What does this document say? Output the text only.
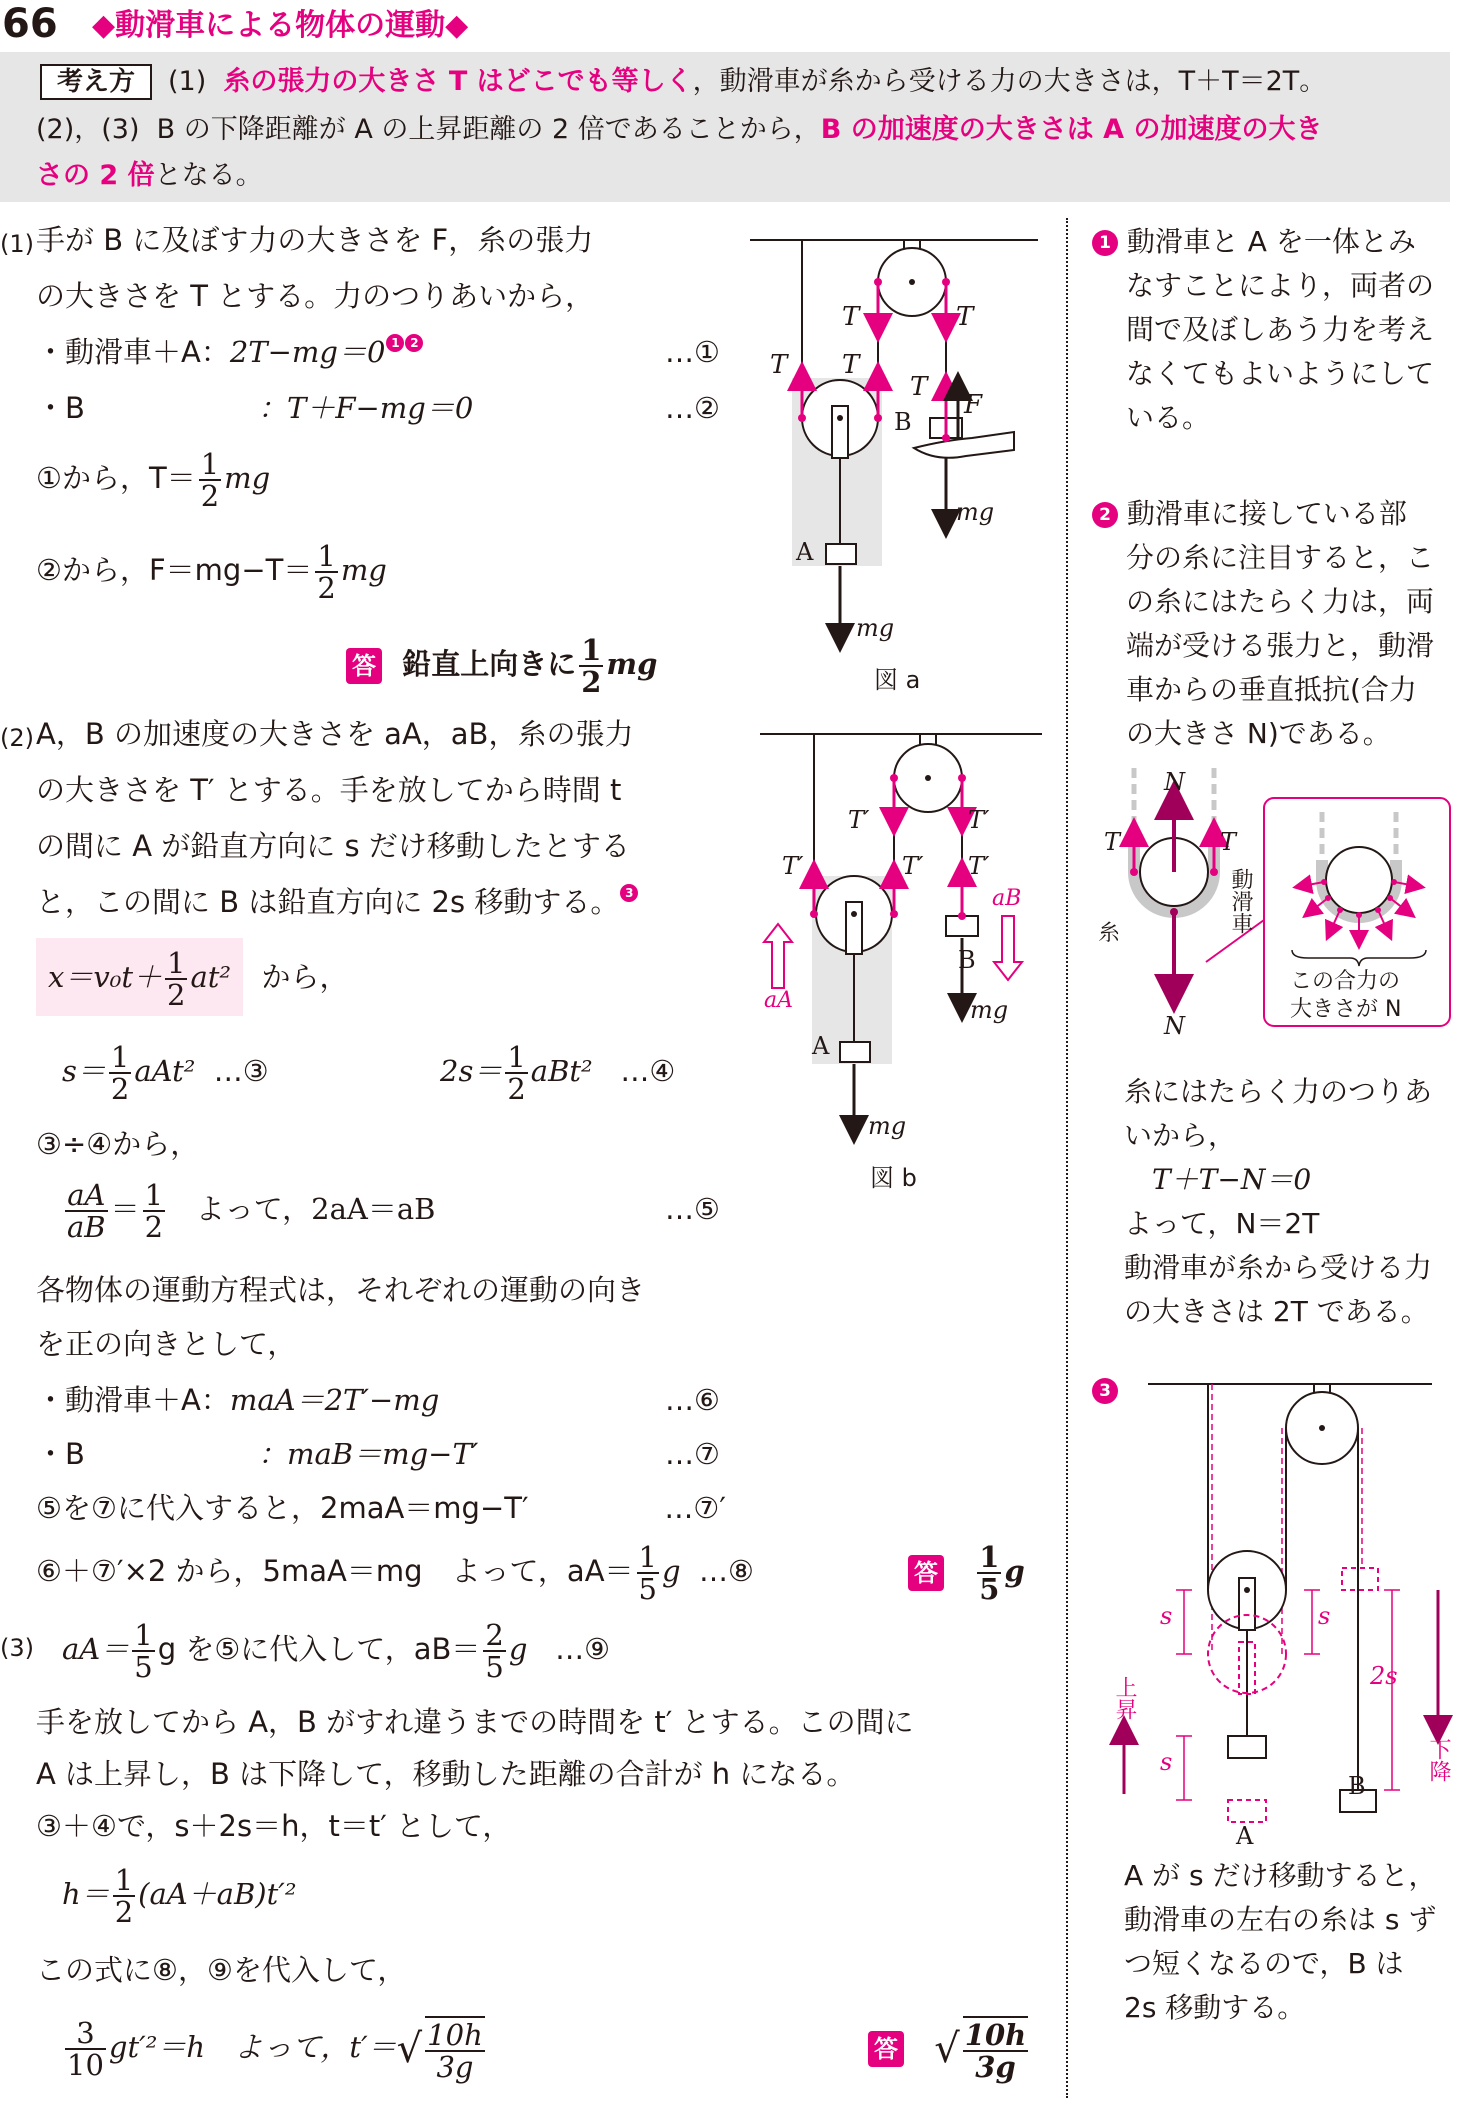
66 ◆動滑車による物体の運動◆
考え方	(1) 糸の張力の大きさ T はどこでも等しく，動滑車が糸から受ける力の大きさは，T＋T＝2T。
(2)，(3) B の下降距離が A の上昇距離の 2 倍であることから，B の加速度の大きさは A の加速度の大き
さの 2 倍となる。
(1) 手が B に及ぼす力の大きさを F，糸の張力
の大きさを T とする。力のつりあいから，
・動滑車＋A：2T−mg＝0 1 2	…①
・B	：T＋F−mg＝0	…②
①から，$T= \frac{1}{2}$ mg
②から，$F=mg-T= \frac{1}{2}$ mg
答 鉛直上向きに $\frac{1}{2}$ mg
T	T
T T
T
F
B
mg
A
mg
図 a
(2) A，B の加速度の大きさを aA，aB，糸の張力
の大きさを T′ とする。手を放してから時間 t
の間に A が鉛直方向に s だけ移動したとする
と，この間に B は鉛直方向に 2s 移動する。 3
$x=v_0t+ \frac{1}{2} at^2$ から，
$s= \frac{1}{2} aAt^2$ …③	$2s= \frac{1}{2} aBt^2$ …④
③÷④から，
$\frac{aA}{aB} = \frac{1}{2}$ よって，2aA＝aB	…⑤
各物体の運動方程式は，それぞれの運動の向き
を正の向きとして，
・動滑車＋A：maA＝2T′−mg	…⑥
・B	：maB＝mg−T′	…⑦
⑤を⑦に代入すると，2maA＝mg−T′	…⑦′
⑥＋⑦′×2 から，5maA＝mg　よって，$aA= \frac{1}{5}$ g …⑧	答 $\frac{1}{5}$ g
T′	T′
T′	T′ T′
aB
aA
B
mg
A
mg
図 b
(3) $aA= \frac{1}{5}$ g を⑤に代入して，$aB= \frac{2}{5}$ g …⑨
手を放してから A，B がすれ違うまでの時間を t′ とする。この間に
A は上昇し，B は下降して，移動した距離の合計が h になる。
③＋④で，s＋2s＝h，t＝t′ として，
$h= \frac{1}{2} (aA+aB)t'^2$
この式に⑧，⑨を代入して，
$\frac{3}{10} gt'^2=h$　よって，$t'=√ \frac{10h}{3g}$	答 √ $\frac{10h}{3g}$
1 動滑車と A を一体とみ
なすことにより，両者の
間で及ぼしあう力を考え
なくてもよいようにして
いる。
2 動滑車に接している部
分の糸に注目すると，こ
の糸にはたらく力は，両
端が受ける張力と，動滑
車からの垂直抵抗(合力
の大きさ N)である。
N
T	T
動滑車
糸
N
この合力の
大きさが N
糸にはたらく力のつりあ
いから，
T＋T−N＝0
よって，N＝2T
動滑車が糸から受ける力
の大きさは 2T である。
3
s	s
s
2s
上昇
下降
B
A
A が s だけ移動すると，
動滑車の左右の糸は s ず
つ短くなるので，B は
2s 移動する。
